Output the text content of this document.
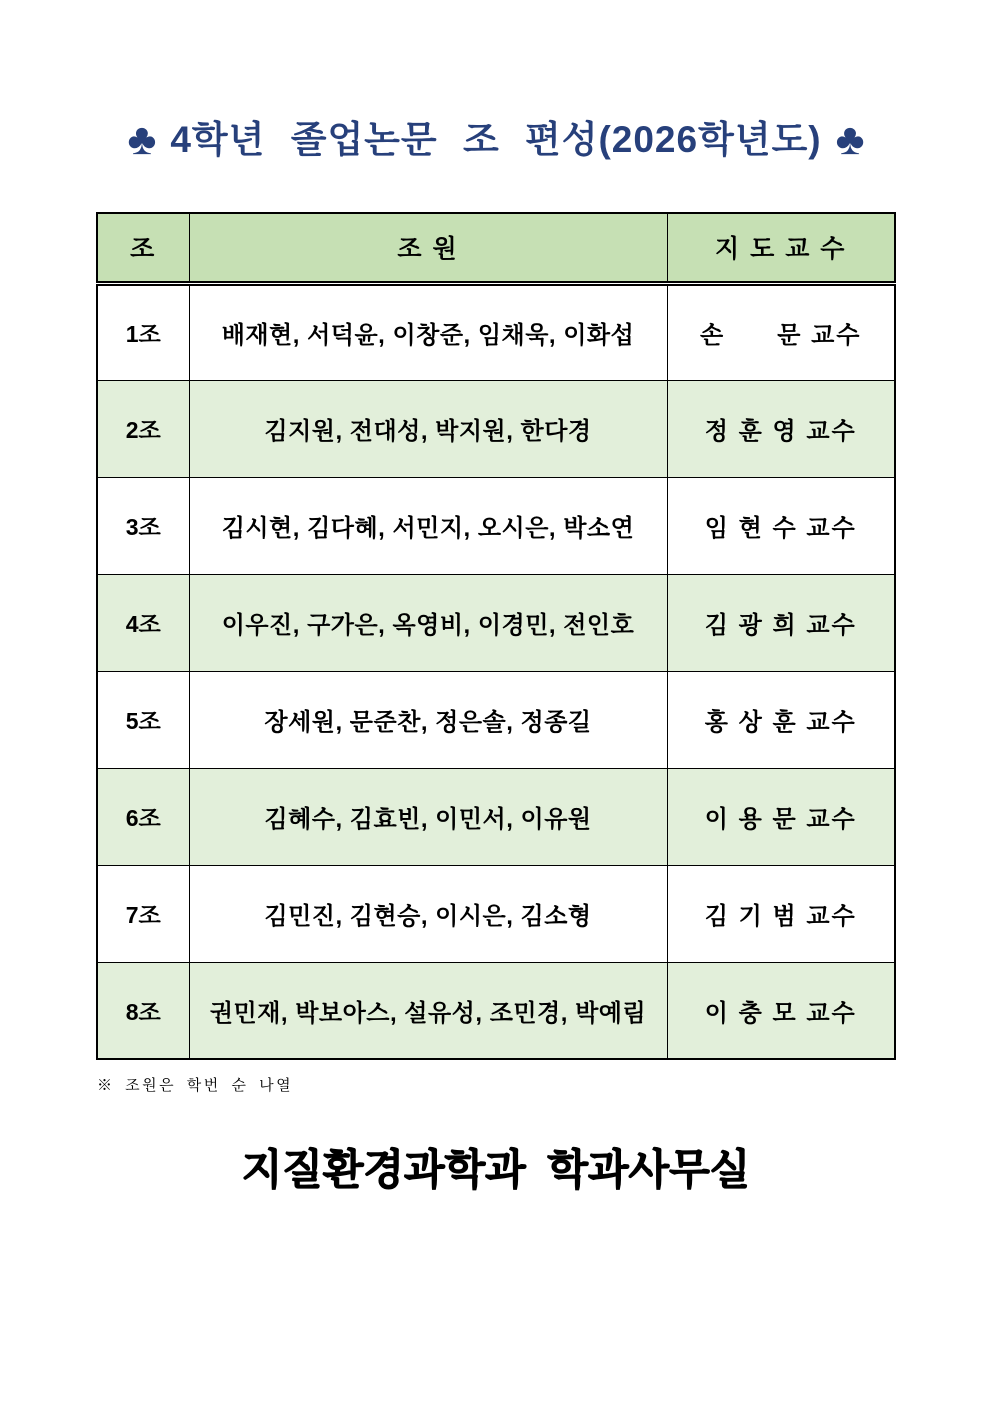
♣ 4학년 졸업논문 조 편성(2026학년도) ♣
조	조 원	지 도 교 수
1조	배재현, 서덕윤, 이창준, 임채욱, 이화섭	손      문 교수
2조	김지원, 전대성, 박지원, 한다경	정 훈 영 교수
3조	김시현, 김다혜, 서민지, 오시은, 박소연	임 현 수 교수
4조	이우진, 구가은, 옥영비, 이경민, 전인호	김 광 희 교수
5조	장세원, 문준찬, 정은솔, 정종길	홍 상 훈 교수
6조	김혜수, 김효빈, 이민서, 이유원	이 용 문 교수
7조	김민진, 김현승, 이시은, 김소형	김 기 범 교수
8조	권민재, 박보아스, 설유성, 조민경, 박예림	이 충 모 교수
※ 조원은 학번 순 나열
지질환경과학과 학과사무실
